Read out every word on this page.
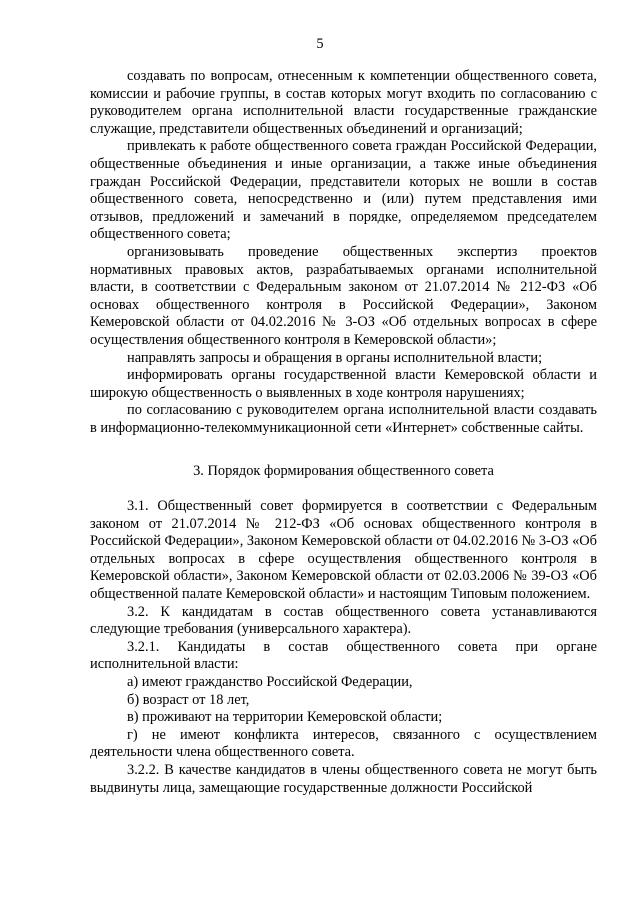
5

создавать по вопросам, отнесенным к компетенции общественного совета, комиссии и рабочие группы, в состав которых могут входить по согласованию с руководителем органа исполнительной власти государственные гражданские служащие, представители общественных объединений и организаций;

привлекать к работе общественного совета граждан Российской Федерации, общественные объединения и иные организации, а также иные объединения граждан Российской Федерации, представители которых не вошли в состав общественного совета, непосредственно и (или) путем представления ими отзывов, предложений и замечаний в порядке, определяемом председателем общественного совета;

организовывать проведение общественных экспертиз проектов нормативных правовых актов, разрабатываемых органами исполнительной власти, в соответствии с Федеральным законом от 21.07.2014 № 212-ФЗ «Об основах общественного контроля в Российской Федерации», Законом Кемеровской области от 04.02.2016 № 3-ОЗ «Об отдельных вопросах в сфере осуществления общественного контроля в Кемеровской области»;

направлять запросы и обращения в органы исполнительной власти;

информировать органы государственной власти Кемеровской области и широкую общественность о выявленных в ходе контроля нарушениях;

по согласованию с руководителем органа исполнительной власти создавать в информационно-телекоммуникационной сети «Интернет» собственные сайты.

3. Порядок формирования общественного совета

3.1. Общественный совет формируется в соответствии с Федеральным законом от 21.07.2014 № 212-ФЗ «Об основах общественного контроля в Российской Федерации», Законом Кемеровской области от 04.02.2016 № 3-ОЗ «Об отдельных вопросах в сфере осуществления общественного контроля в Кемеровской области», Законом Кемеровской области от 02.03.2006 № 39-ОЗ «Об общественной палате Кемеровской области» и настоящим Типовым положением.

3.2. К кандидатам в состав общественного совета устанавливаются следующие требования (универсального характера).

3.2.1. Кандидаты в состав общественного совета при органе исполнительной власти:

а) имеют гражданство Российской Федерации,

б) возраст от 18 лет,

в) проживают на территории Кемеровской области;

г) не имеют конфликта интересов, связанного с осуществлением деятельности члена общественного совета.

3.2.2. В качестве кандидатов в члены общественного совета не могут быть выдвинуты лица, замещающие государственные должности Российской
